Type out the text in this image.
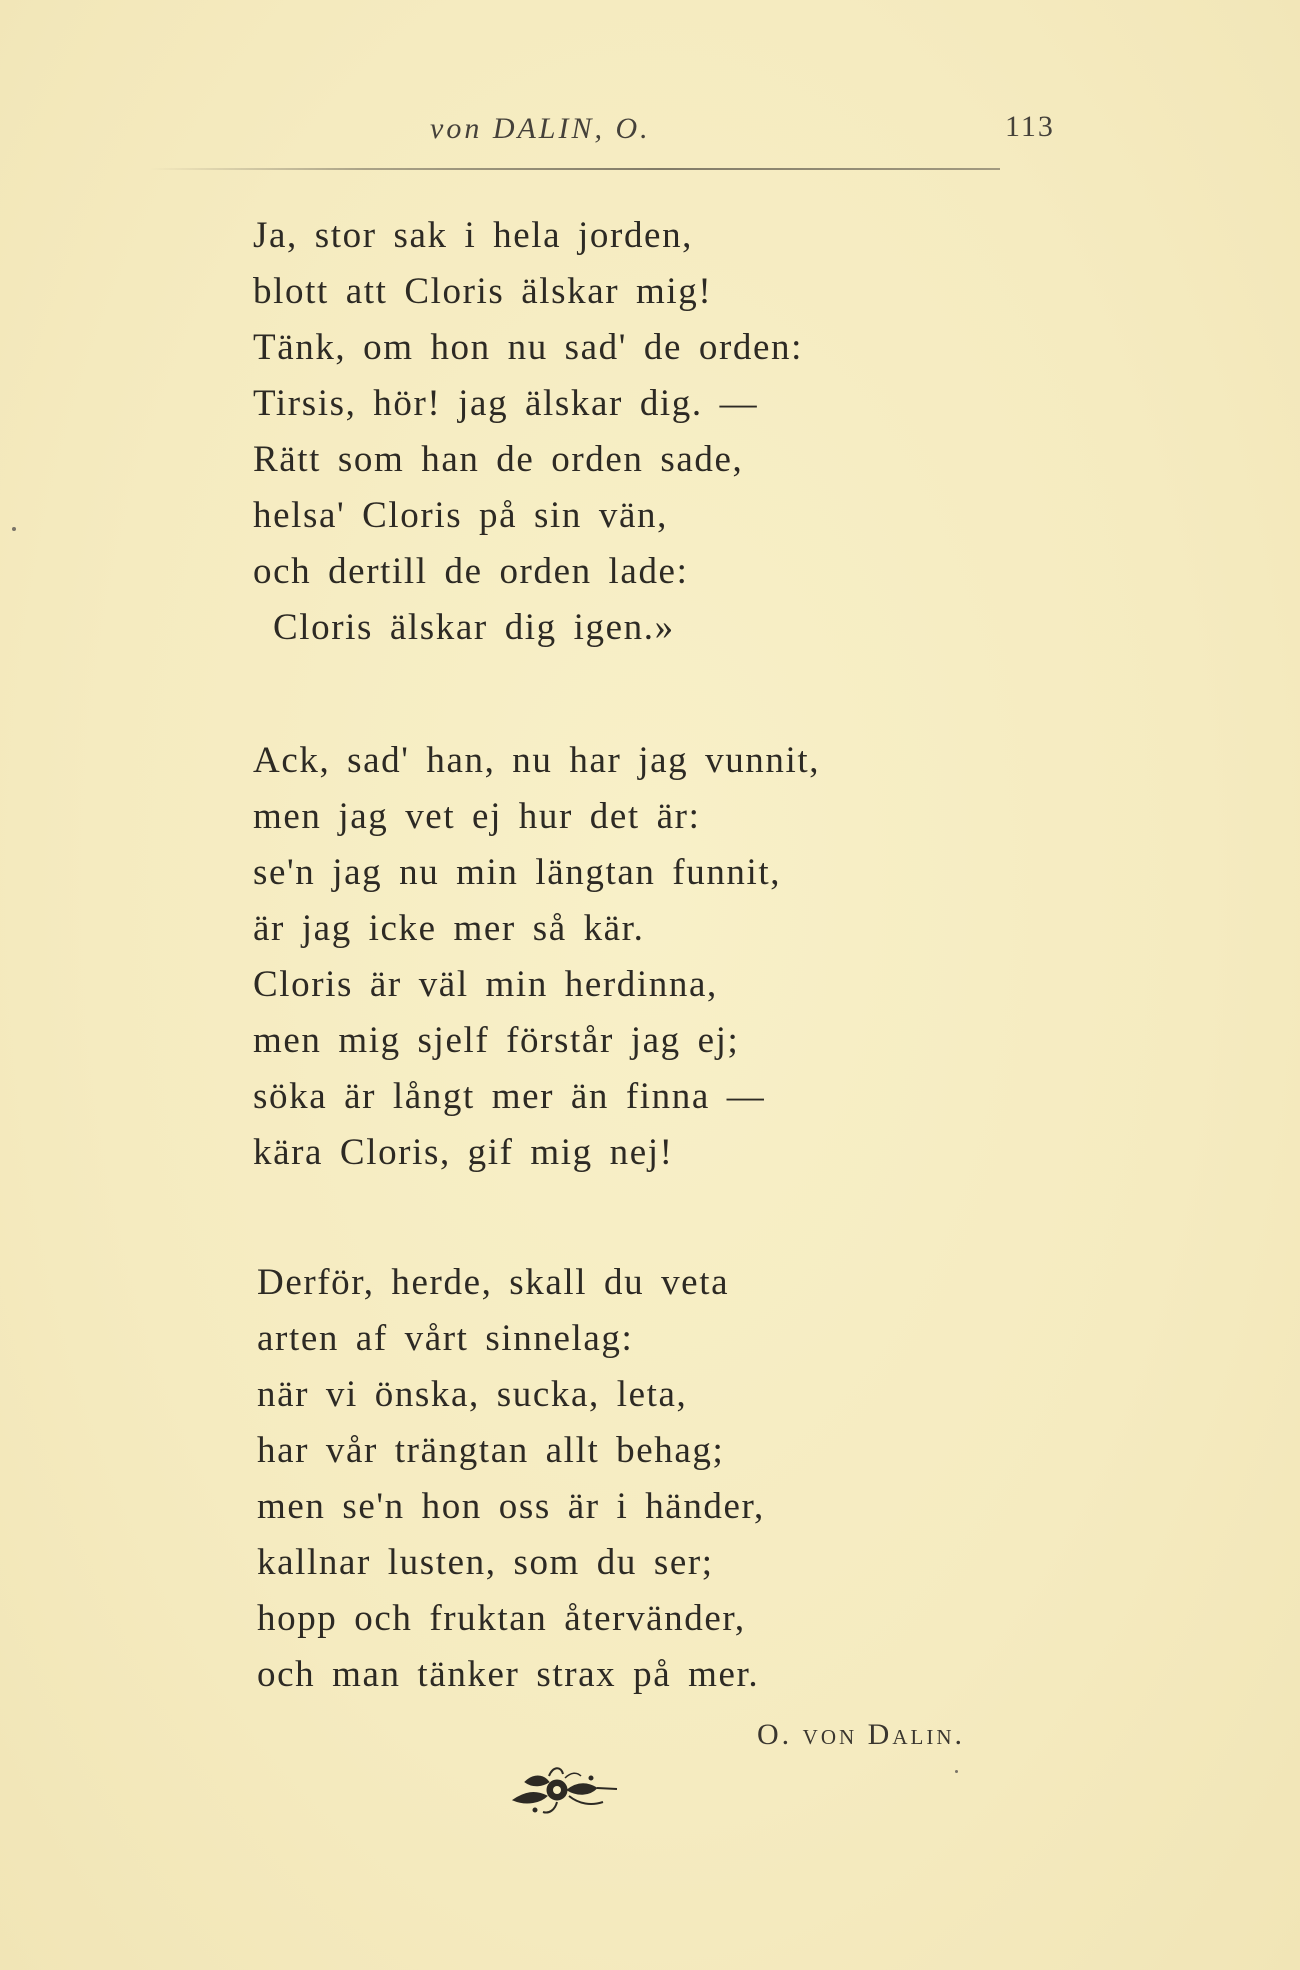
von DALIN, O.	113
Ja, stor sak i hela jorden,
blott att Cloris älskar mig!
Tänk, om hon nu sad' de orden:
Tirsis, hör! jag älskar dig. —
Rätt som han de orden sade,
helsa' Cloris på sin vän,
och dertill de orden lade:
Cloris älskar dig igen.»
Ack, sad' han, nu har jag vunnit,
men jag vet ej hur det är:
se'n jag nu min längtan funnit,
är jag icke mer så kär.
Cloris är väl min herdinna,
men mig sjelf förstår jag ej;
söka är långt mer än finna —
kära Cloris, gif mig nej!
Derför, herde, skall du veta
arten af vårt sinnelag:
när vi önska, sucka, leta,
har vår trängtan allt behag;
men se'n hon oss är i händer,
kallnar lusten, som du ser;
hopp och fruktan återvänder,
och man tänker strax på mer.
O. von Dalin.
